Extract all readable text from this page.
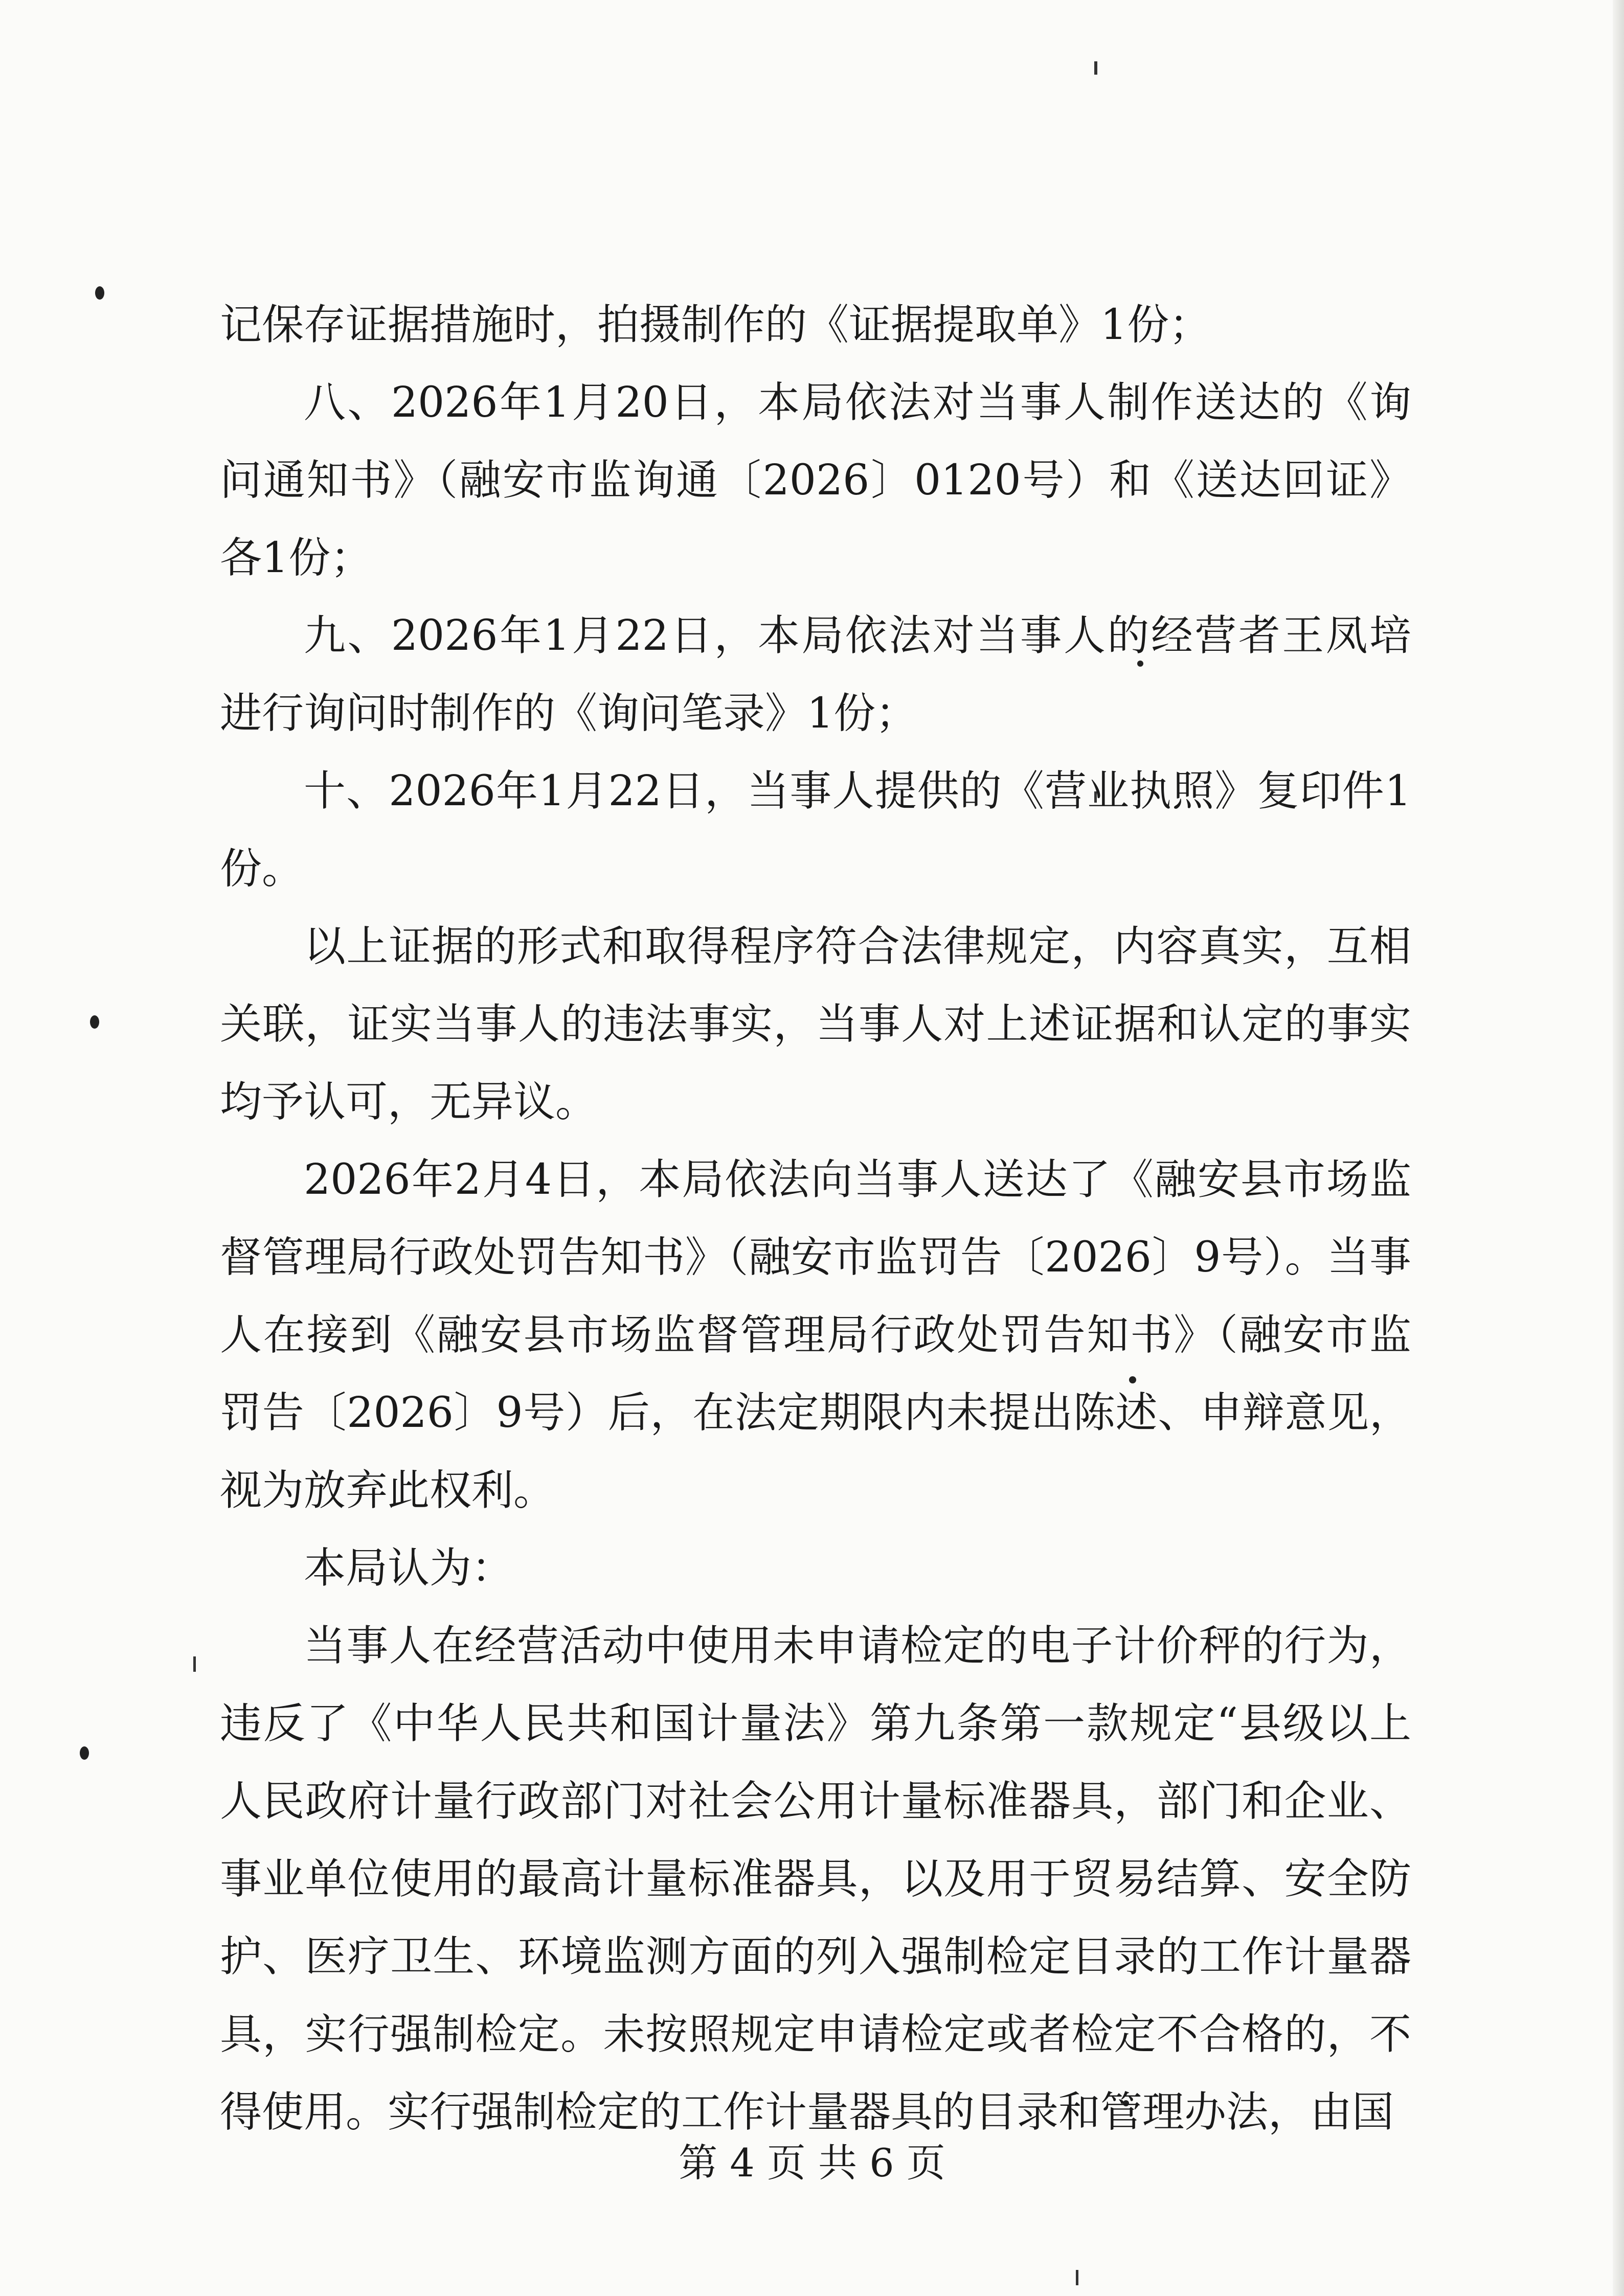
记保存证据措施时，拍摄制作的《证据提取单》1份；

八、2026年1月20日，本局依法对当事人制作送达的《询问通知书》（融安市监询通〔2026〕0120号）和《送达回证》各1份；

九、2026年1月22日，本局依法对当事人的经营者王凤培进行询问时制作的《询问笔录》1份；

十、2026年1月22日，当事人提供的《营业执照》复印件1份。

以上证据的形式和取得程序符合法律规定，内容真实，互相关联，证实当事人的违法事实，当事人对上述证据和认定的事实均予认可，无异议。

2026年2月4日，本局依法向当事人送达了《融安县市场监督管理局行政处罚告知书》（融安市监罚告〔2026〕9号）。当事人在接到《融安县市场监督管理局行政处罚告知书》（融安市监罚告〔2026〕9号）后，在法定期限内未提出陈述、申辩意见，视为放弃此权利。

本局认为：

当事人在经营活动中使用未申请检定的电子计价秤的行为，违反了《中华人民共和国计量法》第九条第一款规定“县级以上人民政府计量行政部门对社会公用计量标准器具，部门和企业、事业单位使用的最高计量标准器具，以及用于贸易结算、安全防护、医疗卫生、环境监测方面的列入强制检定目录的工作计量器具，实行强制检定。未按照规定申请检定或者检定不合格的，不得使用。实行强制检定的工作计量器具的目录和管理办法，由国

第 4 页 共 6 页
